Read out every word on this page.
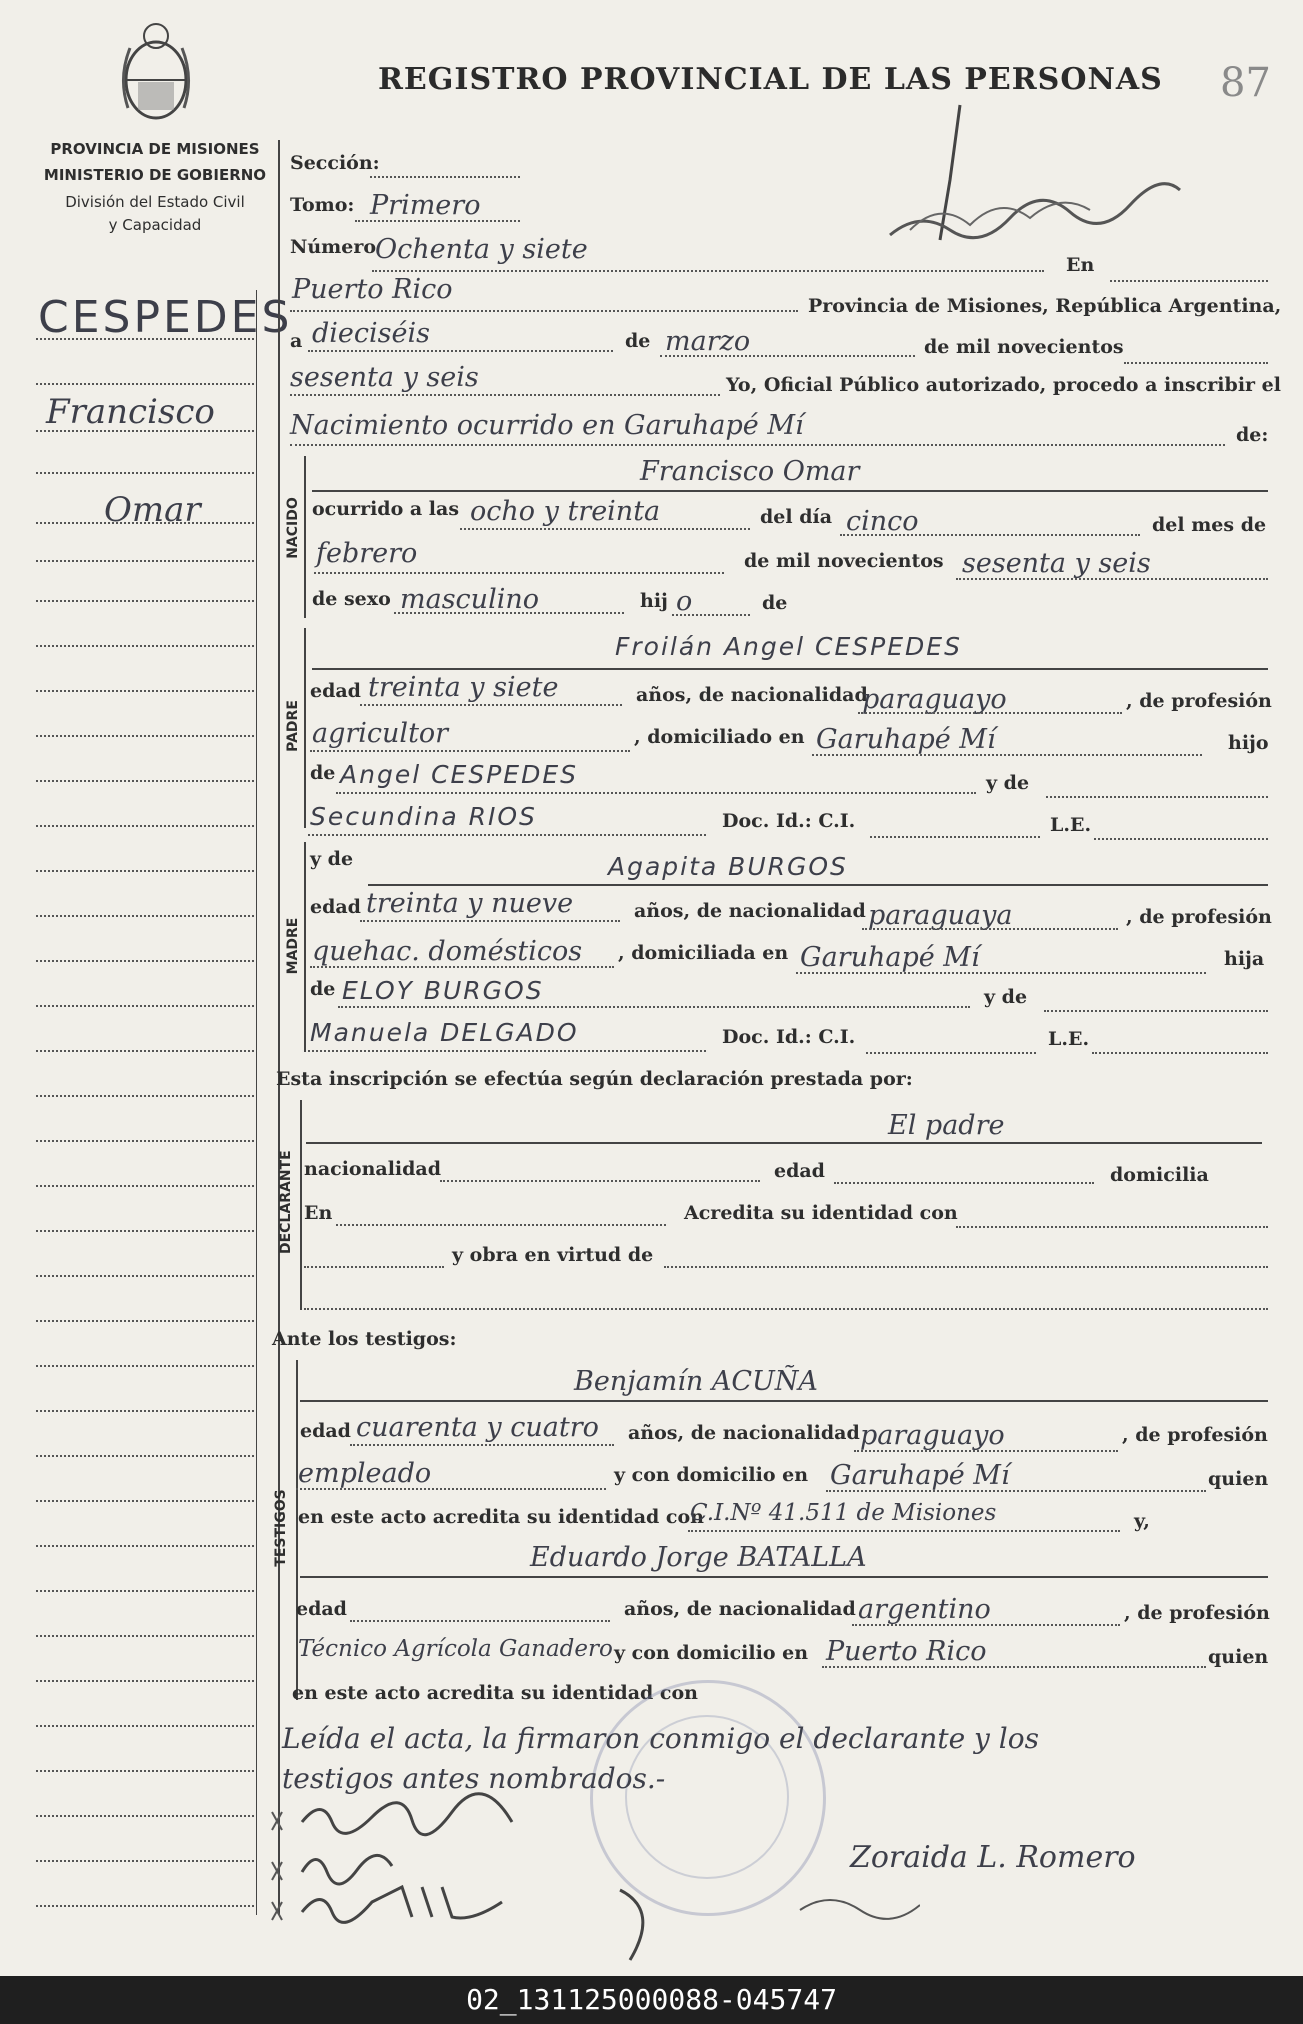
PROVINCIA DE MISIONES
MINISTERIO DE GOBIERNO
División del Estado Civil
y Capacidad
REGISTRO PROVINCIAL DE LAS PERSONAS 87
CESPEDES
Francisco
Omar
Sección:
Tomo: Primero
Número
Ochenta y siete	En
Puerto Rico
Provincia de Misiones, República Argentina,
a dieciséis	de marzo	de mil novecientos
sesenta y seis	Yo, Oficial Público autorizado, procedo a inscribir el
Nacimiento ocurrido en Garuhapé Mí	de:
NACIDO
Francisco Omar
ocurrido a las ocho y treinta	del día cinco	del mes de
febrero	de mil novecientos sesenta y seis
de sexo masculino	hij o	de
PADRE
Froilán Angel CESPEDES
edad treinta y siete	años, de nacionalidad
paraguayo	, de profesión
agricultor	, domiciliado en Garuhapé Mí	hijo
de Angel CESPEDES	y de
Secundina RIOS	Doc. Id.: C.I.	L.E.
MADRE
y de	Agapita BURGOS
edad treinta y nueve	años, de nacionalidad paraguaya	, de profesión
quehac. domésticos , domiciliada en Garuhapé Mí	hija
de ELOY BURGOS	y de
Manuela DELGADO	Doc. Id.: C.I.	L.E.
Esta inscripción se efectúa según declaración prestada por:
DECLARANTE
El padre
nacionalidad	edad	domicilia
En	Acredita su identidad con
y obra en virtud de
Ante los testigos:
TESTIGOS
Benjamín ACUÑA
edad cuarenta y cuatro años, de nacionalidad paraguayo	, de profesión
empleado	y con domicilio en Garuhapé Mí	quien
en este acto acredita su identidad con
C.I.Nº 41.511 de Misiones	y,
Eduardo Jorge BATALLA
edad	años, de nacionalidad argentino	, de profesión
Técnico Agrícola Ganadero y con domicilio en Puerto Rico	quien
en este acto acredita su identidad con
Leída el acta, la firmaron conmigo el declarante y los
testigos antes nombrados.-
Zoraida L. Romero
02_131125000088-045747
